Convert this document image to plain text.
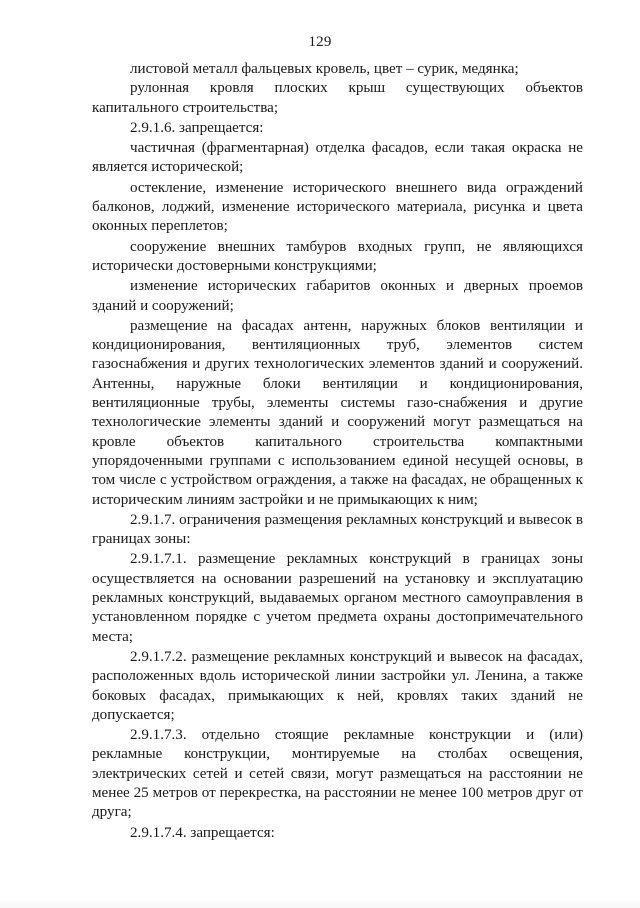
129

листовой металл фальцевых кровель, цвет – сурик, медянка;

рулонная кровля плоских крыш существующих объектов капитального строительства;

2.9.1.6. запрещается:

частичная (фрагментарная) отделка фасадов, если такая окраска не является исторической;

остекление, изменение исторического внешнего вида ограждений балконов, лоджий, изменение исторического материала, рисунка и цвета оконных переплетов;

сооружение внешних тамбуров входных групп, не являющихся исторически достоверными конструкциями;

изменение исторических габаритов оконных и дверных проемов зданий и сооружений;

размещение на фасадах антенн, наружных блоков вентиляции и кондиционирования, вентиляционных труб, элементов систем газоснабжения и других технологических элементов зданий и сооружений. Антенны, наружные блоки вентиляции и кондиционирования, вентиляционные трубы, элементы системы газо-снабжения и другие технологические элементы зданий и сооружений могут размещаться на кровле объектов капитального строительства компактными упорядоченными группами с использованием единой несущей основы, в том числе с устройством ограждения, а также на фасадах, не обращенных к историческим линиям застройки и не примыкающих к ним;

2.9.1.7. ограничения размещения рекламных конструкций и вывесок в границах зоны:

2.9.1.7.1. размещение рекламных конструкций в границах зоны осуществляется на основании разрешений на установку и эксплуатацию рекламных конструкций, выдаваемых органом местного самоуправления в установленном порядке с учетом предмета охраны достопримечательного места;

2.9.1.7.2. размещение рекламных конструкций и вывесок на фасадах, расположенных вдоль исторической линии застройки ул. Ленина, а также боковых фасадах, примыкающих к ней, кровлях таких зданий не допускается;

2.9.1.7.3. отдельно стоящие рекламные конструкции и (или) рекламные конструкции, монтируемые на столбах освещения, электрических сетей и сетей связи, могут размещаться на расстоянии не менее 25 метров от перекрестка, на расстоянии не менее 100 метров друг от друга;

2.9.1.7.4. запрещается:
